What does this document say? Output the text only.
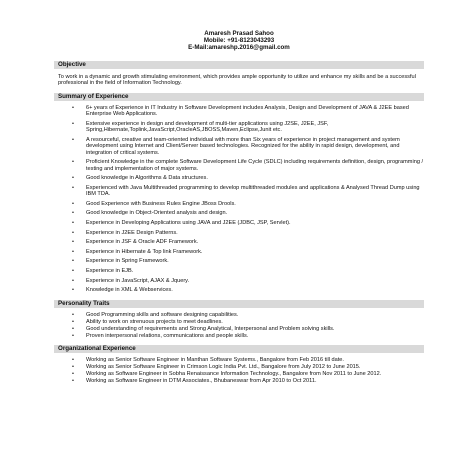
Amaresh Prasad Sahoo
Mobile: +91-8123043293
E-Mail:amareshp.2016@gmail.com
Objective
To work in a dynamic and growth stimulating environment, which provides ample opportunity to utilize and enhance my skills and be a successful professional in the field of Information Technology.
Summary of Experience
• 6+ years of Experience in IT Industry in Software Development includes Analysis, Design and Development of JAVA & J2EE based Enterprise Web Applications.
• Extensive experience in design and development of multi-tier applications using J2SE, J2EE, JSF, Spring,Hibernate,Toplink,JavaScript,OracleAS,JBOSS,Maven,Eclipse,Junit etc.
• A resourceful, creative and team-oriented individual with more than Six years of experience in project management and system development using Internet and Client/Server based technologies. Recognized for the ability in rapid design, development, and integration of critical systems.
• Proficient Knowledge in the complete Software Development Life Cycle (SDLC) including requirements definition, design, programming / testing and implementation of major systems.
• Good knowledge in Algorithms & Data structures.
• Experienced with Java Multithreaded programming to develop multithreaded modules and applications & Analysed Thread Dump using IBM TDA.
• Good Experience with Business Rules Engine JBoss Drools.
• Good knowledge in Object-Oriented analysis and design.
• Experience in Developing Applications using JAVA and J2EE (JDBC, JSP, Servlet).
• Experience in J2EE Design Patterns.
• Experience in JSF & Oracle ADF Framework.
• Experience in Hibernate & Top link Framework.
• Experience in Spring Framework.
• Experience in EJB.
• Experience in JavaScript, AJAX & Jquery.
• Knowledge in XML & Webservices.
Personality Traits
• Good Programming skills and software designing capabilities.
• Ability to work on strenuous projects to meet deadlines.
• Good understanding of requirements and Strong Analytical, Interpersonal and Problem solving skills.
• Proven interpersonal relations, communications and people skills.
Organizational Experience
• Working as Senior Software Engineer in Manthan Software Systems., Bangalore from Feb 2016 till date.
• Working as Senior Software Engineer in Crimson Logic India Pvt. Ltd., Bangalore from July 2012 to June 2015.
• Working as Software Engineer in Sobha Renaissance Information Technology., Bangalore from Nov 2011 to June 2012.
• Working as Software Engineer in DTM Associates., Bhubaneswar from Apr 2010 to Oct 2011.
